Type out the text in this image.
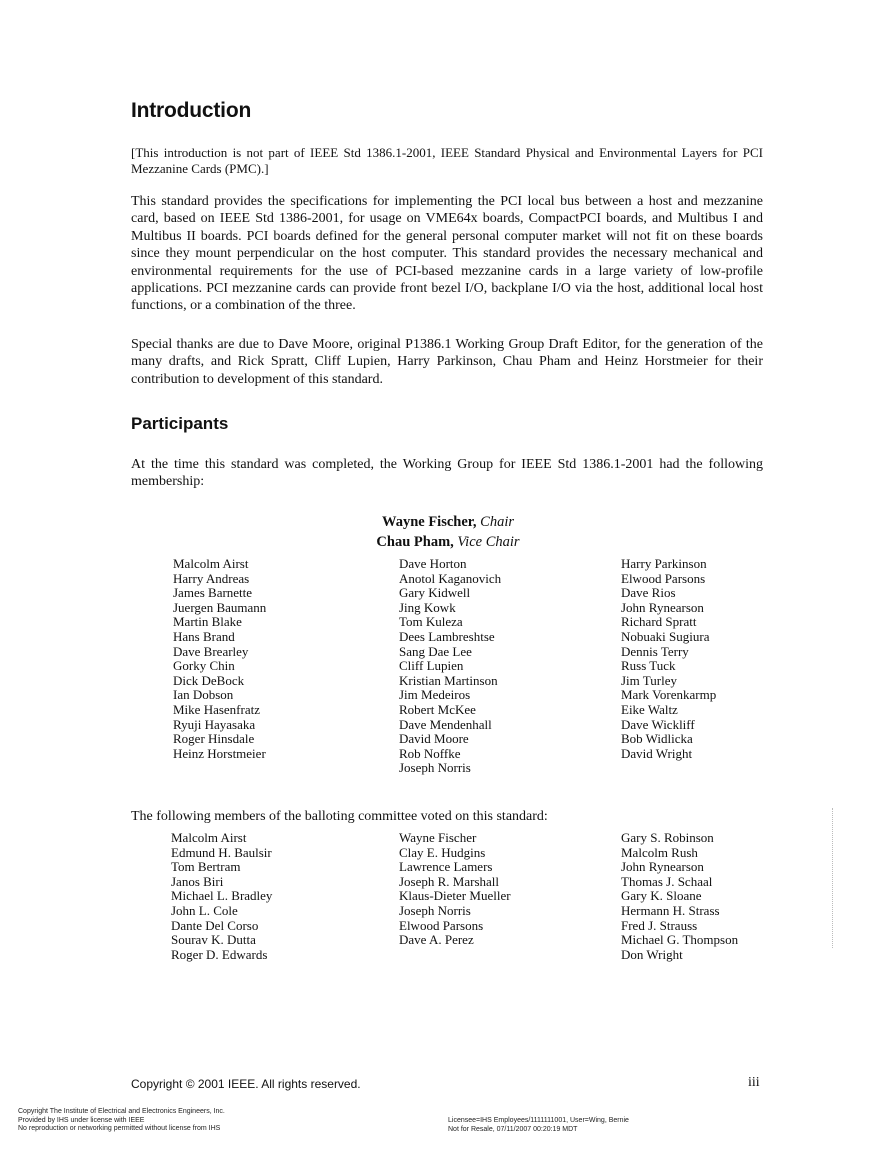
Introduction
[This introduction is not part of IEEE Std 1386.1-2001, IEEE Standard Physical and Environmental Layers for PCI Mezzanine Cards (PMC).]
This standard provides the specifications for implementing the PCI local bus between a host and mezzanine card, based on IEEE Std 1386-2001, for usage on VME64x boards, CompactPCI boards, and Multibus I and Multibus II boards. PCI boards defined for the general personal computer market will not fit on these boards since they mount perpendicular on the host computer. This standard provides the necessary mechanical and environmental requirements for the use of PCI-based mezzanine cards in a large variety of low-profile applications. PCI mezzanine cards can provide front bezel I/O, backplane I/O via the host, additional local host functions, or a combination of the three.
Special thanks are due to Dave Moore, original P1386.1 Working Group Draft Editor, for the generation of the many drafts, and Rick Spratt, Cliff Lupien, Harry Parkinson, Chau Pham and Heinz Horstmeier for their contribution to development of this standard.
Participants
At the time this standard was completed, the Working Group for IEEE Std 1386.1-2001 had the following membership:
Wayne Fischer, Chair
Chau Pham, Vice Chair
Malcolm Airst
Harry Andreas
James Barnette
Juergen Baumann
Martin Blake
Hans Brand
Dave Brearley
Gorky Chin
Dick DeBock
Ian Dobson
Mike Hasenfratz
Ryuji Hayasaka
Roger Hinsdale
Heinz Horstmeier
Dave Horton
Anotol Kaganovich
Gary Kidwell
Jing Kowk
Tom Kuleza
Dees Lambreshtse
Sang Dae Lee
Cliff Lupien
Kristian Martinson
Jim Medeiros
Robert McKee
Dave Mendenhall
David Moore
Rob Noffke
Joseph Norris
Harry Parkinson
Elwood Parsons
Dave Rios
John Rynearson
Richard Spratt
Nobuaki Sugiura
Dennis Terry
Russ Tuck
Jim Turley
Mark Vorenkarmp
Eike Waltz
Dave Wickliff
Bob Widlicka
David Wright
The following members of the balloting committee voted on this standard:
Malcolm Airst
Edmund H. Baulsir
Tom Bertram
Janos Biri
Michael L. Bradley
John L. Cole
Dante Del Corso
Sourav K. Dutta
Roger D. Edwards
Wayne Fischer
Clay E. Hudgins
Lawrence Lamers
Joseph R. Marshall
Klaus-Dieter Mueller
Joseph Norris
Elwood Parsons
Dave A. Perez
Gary S. Robinson
Malcolm Rush
John Rynearson
Thomas J. Schaal
Gary K. Sloane
Hermann H. Strass
Fred J. Strauss
Michael G. Thompson
Don Wright
Copyright © 2001 IEEE. All rights reserved.	iii
Copyright The Institute of Electrical and Electronics Engineers, Inc.
Provided by IHS under license with IEEE
No reproduction or networking permitted without license from IHS
Licensee=IHS Employees/1111111001, User=Wing, Bernie
Not for Resale, 07/11/2007 00:20:19 MDT
